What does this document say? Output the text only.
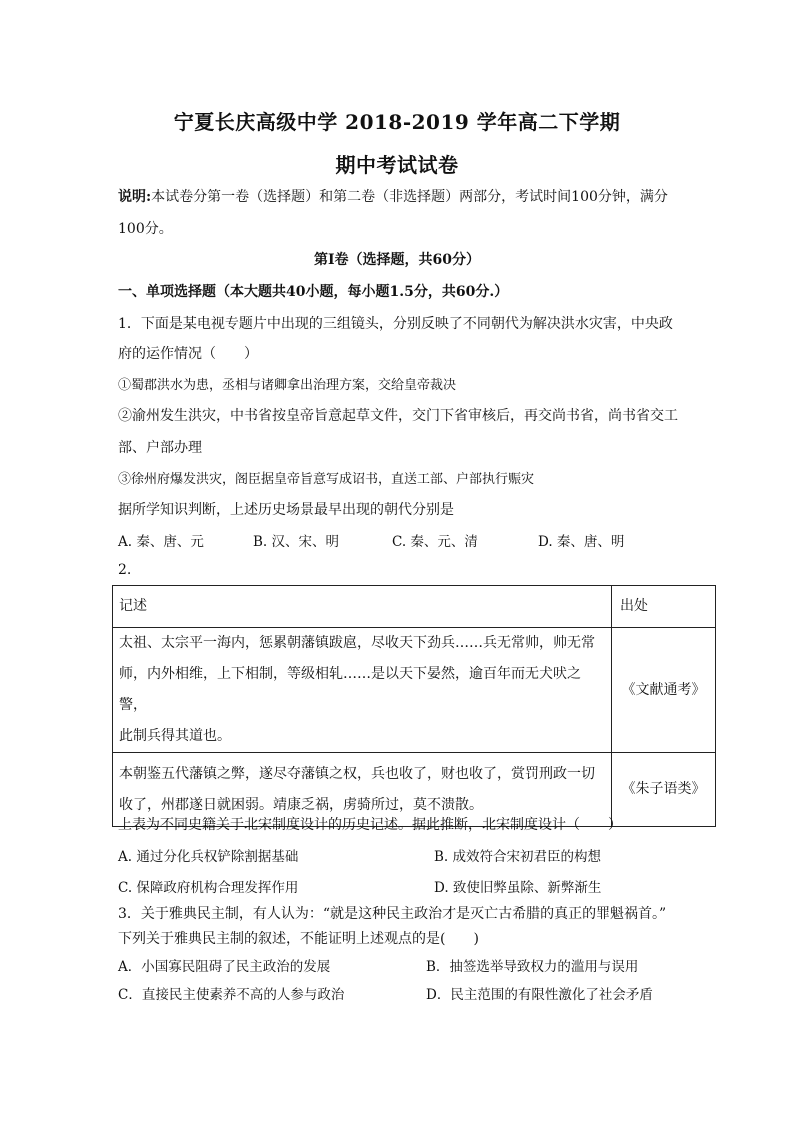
宁夏长庆高级中学 2018-2019 学年高二下学期
期中考试试卷
说明:本试卷分第一卷（选择题）和第二卷（非选择题）两部分，考试时间100分钟，满分
100分。
第Ⅰ卷（选择题，共60分）
一、单项选择题（本大题共40小题，每小题1.5分，共60分.）
1．下面是某电视专题片中出现的三组镜头，分别反映了不同朝代为解决洪水灾害，中央政
府的运作情况（　　）
①蜀郡洪水为患，丞相与诸卿拿出治理方案，交给皇帝裁决
②渝州发生洪灾，中书省按皇帝旨意起草文件，交门下省审核后，再交尚书省，尚书省交工
部、户部办理
③徐州府爆发洪灾，阁臣据皇帝旨意写成诏书，直送工部、户部执行赈灾
据所学知识判断，上述历史场景最早出现的朝代分别是
A. 秦、唐、元	B. 汉、宋、明	C. 秦、元、清	D. 秦、唐、明
2.
记述	出处

太祖、太宗平一海内，惩累朝藩镇跋扈，尽收天下劲兵……兵无常帅，帅无常
师，内外相维，上下相制，等级相轧……是以天下晏然，逾百年而无犬吠之警，
此制兵得其道也。	《文献通考》

本朝鉴五代藩镇之弊，遂尽夺藩镇之权，兵也收了，财也收了，赏罚刑政一切
收了，州郡遂日就困弱。靖康乏祸，虏骑所过，莫不溃散。	《朱子语类》
上表为不同史籍关于北宋制度设计的历史记述。据此推断，北宋制度设计（　　）
A. 通过分化兵权铲除割据基础	B. 成效符合宋初君臣的构想
C. 保障政府机构合理发挥作用	D. 致使旧弊虽除、新弊渐生
3．关于雅典民主制，有人认为：“就是这种民主政治才是灭亡古希腊的真正的罪魁祸首。”
下列关于雅典民主制的叙述，不能证明上述观点的是(　　)
A．小国寡民阻碍了民主政治的发展	B．抽签选举导致权力的滥用与误用
C．直接民主使素养不高的人参与政治	D．民主范围的有限性激化了社会矛盾
